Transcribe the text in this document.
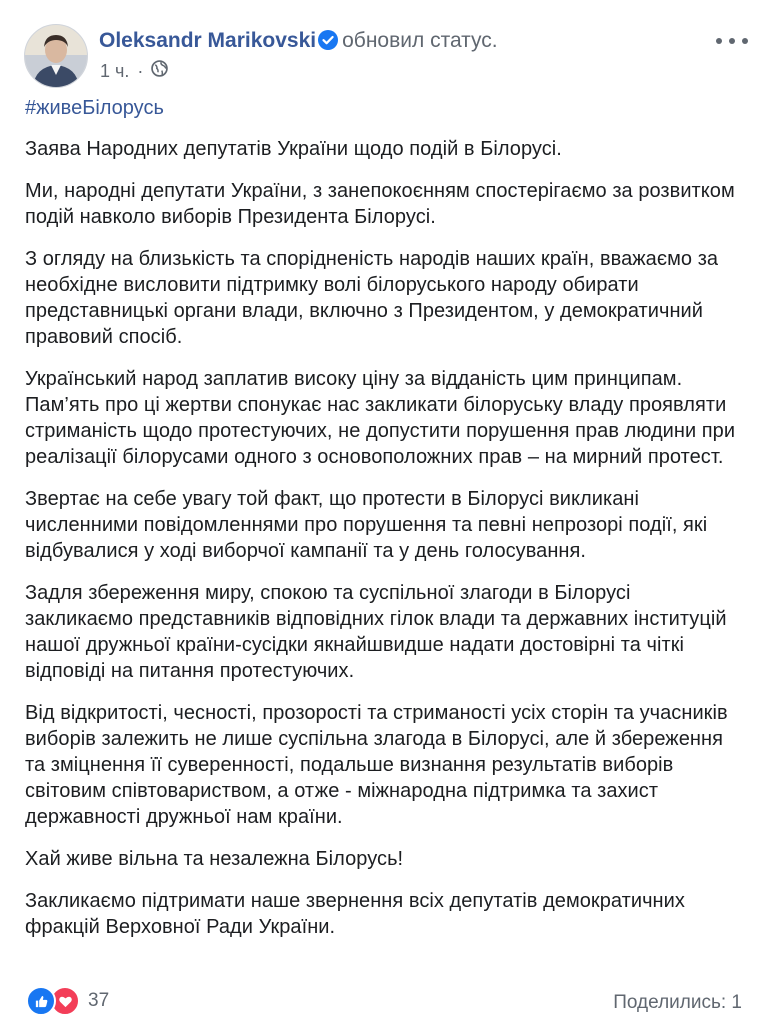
Oleksandr Marikovski обновил статус.
1 ч. ·
#живеБілорусь

Заява Народних депутатів України щодо подій в Білорусі.

Ми, народні депутати України, з занепокоєнням спостерігаємо за розвитком подій навколо виборів Президента Білорусі.

З огляду на близькість та спорідненість народів наших країн, вважаємо за необхідне висловити підтримку волі білоруського народу обирати представницькі органи влади, включно з Президентом, у демократичний правовий спосіб.

Український народ заплатив високу ціну за відданість цим принципам. Пам’ять про ці жертви спонукає нас закликати білоруську владу проявляти стриманість щодо протестуючих, не допустити порушення прав людини при реалізації білорусами одного з основоположних прав – на мирний протест.

Звертає на себе увагу той факт, що протести в Білорусі викликані численними повідомленнями про порушення та певні непрозорі події, які відбувалися у ході виборчої кампанії та у день голосування.

Задля збереження миру, спокою та суспільної злагоди в Білорусі закликаємо представників відповідних гілок влади та державних інституцій нашої дружньої країни-сусідки якнайшвидше надати достовірні та чіткі відповіді на питання протестуючих.

Від відкритості, чесності, прозорості та стриманості усіх сторін та учасників виборів залежить не лише суспільна злагода в Білорусі, але й збереження та зміцнення її суверенності, подальше визнання результатів виборів світовим співтовариством, а отже - міжнародна підтримка та захист державності дружньої нам країни.

Хай живе вільна та незалежна Білорусь!

Закликаємо підтримати наше звернення всіх депутатів демократичних фракцій Верховної Ради України.

37	Поделились: 1
